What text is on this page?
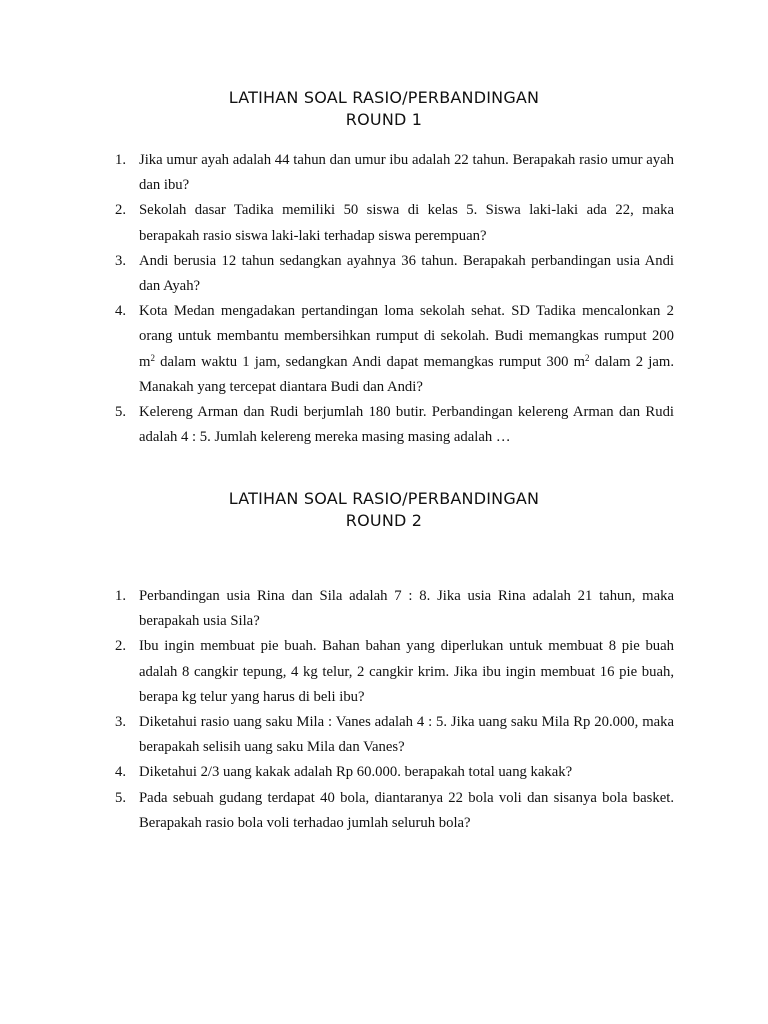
LATIHAN SOAL RASIO/PERBANDINGAN
ROUND 1
1. Jika umur ayah adalah 44 tahun dan umur ibu adalah 22 tahun. Berapakah rasio umur ayah dan ibu?
2. Sekolah dasar Tadika memiliki 50 siswa di kelas 5. Siswa laki-laki ada 22, maka berapakah rasio siswa laki-laki terhadap siswa perempuan?
3. Andi berusia 12 tahun sedangkan ayahnya 36 tahun. Berapakah perbandingan usia Andi dan Ayah?
4. Kota Medan mengadakan pertandingan loma sekolah sehat. SD Tadika mencalonkan 2 orang untuk membantu membersihkan rumput di sekolah. Budi memangkas rumput 200 $m^2$ dalam waktu 1 jam, sedangkan Andi dapat memangkas rumput 300 $m^2$ dalam 2 jam. Manakah yang tercepat diantara Budi dan Andi?
5. Kelereng Arman dan Rudi berjumlah 180 butir. Perbandingan kelereng Arman dan Rudi adalah 4 : 5. Jumlah kelereng mereka masing masing adalah …
LATIHAN SOAL RASIO/PERBANDINGAN
ROUND 2
1. Perbandingan usia Rina dan Sila adalah 7 : 8. Jika usia Rina adalah 21 tahun, maka berapakah usia Sila?
2. Ibu ingin membuat pie buah. Bahan bahan yang diperlukan untuk membuat 8 pie buah adalah 8 cangkir tepung, 4 kg telur, 2 cangkir krim. Jika ibu ingin membuat 16 pie buah, berapa kg telur yang harus di beli ibu?
3. Diketahui rasio uang saku Mila : Vanes adalah 4 : 5. Jika uang saku Mila Rp 20.000, maka berapakah selisih uang saku Mila dan Vanes?
4. Diketahui 2/3 uang kakak adalah Rp 60.000. berapakah total uang kakak?
5. Pada sebuah gudang terdapat 40 bola, diantaranya 22 bola voli dan sisanya bola basket. Berapakah rasio bola voli terhadao jumlah seluruh bola?
